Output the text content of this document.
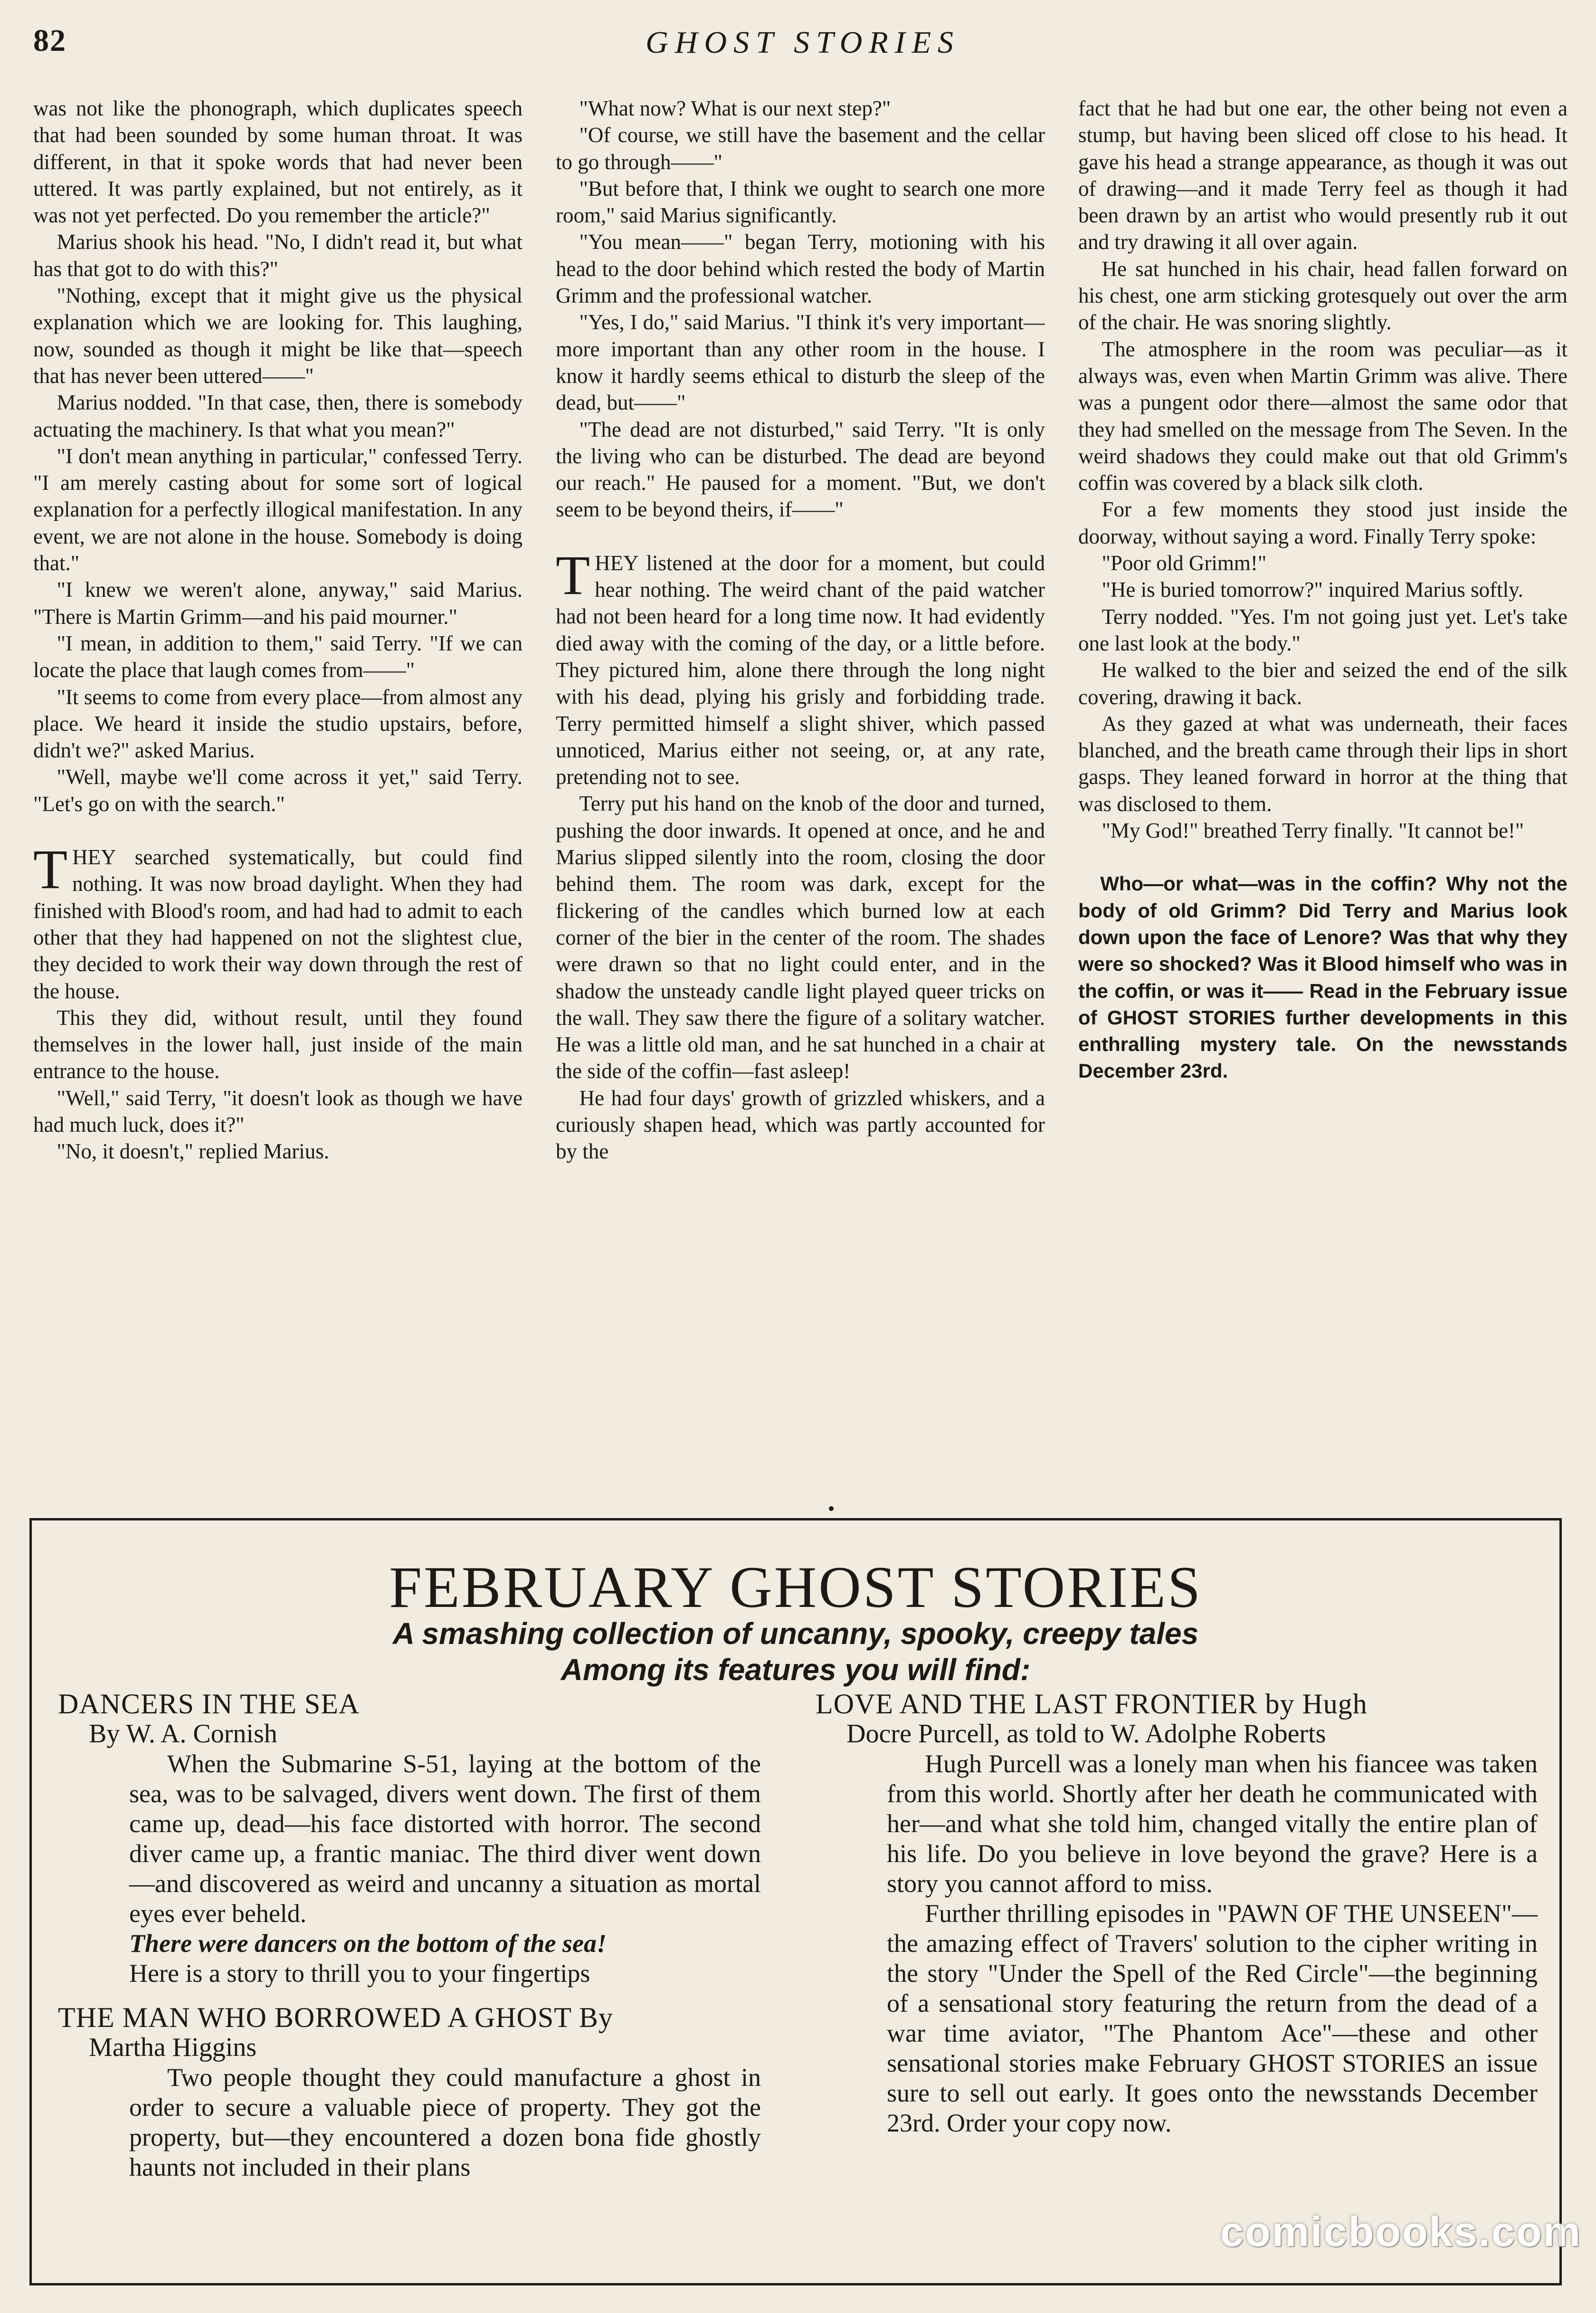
82	GHOST STORIES

was not like the phonograph, which duplicates speech that had been sounded by some human throat. It was different, in that it spoke words that had never been uttered. It was partly explained, but not entirely, as it was not yet perfected. Do you remember the article?"

Marius shook his head. "No, I didn't read it, but what has that got to do with this?"

"Nothing, except that it might give us the physical explanation which we are looking for. This laughing, now, sounded as though it might be like that—speech that has never been uttered——"

Marius nodded. "In that case, then, there is somebody actuating the machinery. Is that what you mean?"

"I don't mean anything in particular," confessed Terry. "I am merely casting about for some sort of logical explanation for a perfectly illogical manifestation. In any event, we are not alone in the house. Somebody is doing that."

"I knew we weren't alone, anyway," said Marius. "There is Martin Grimm—and his paid mourner."

"I mean, in addition to them," said Terry. "If we can locate the place that laugh comes from——"

"It seems to come from every place—from almost any place. We heard it inside the studio upstairs, before, didn't we?" asked Marius.

"Well, maybe we'll come across it yet," said Terry. "Let's go on with the search."

THEY searched systematically, but could find nothing. It was now broad daylight. When they had finished with Blood's room, and had had to admit to each other that they had happened on not the slightest clue, they decided to work their way down through the rest of the house.

This they did, without result, until they found themselves in the lower hall, just inside of the main entrance to the house.

"Well," said Terry, "it doesn't look as though we have had much luck, does it?"

"No, it doesn't," replied Marius.

"What now? What is our next step?"

"Of course, we still have the basement and the cellar to go through——"

"But before that, I think we ought to search one more room," said Marius significantly.

"You mean——" began Terry, motioning with his head to the door behind which rested the body of Martin Grimm and the professional watcher.

"Yes, I do," said Marius. "I think it's very important—more important than any other room in the house. I know it hardly seems ethical to disturb the sleep of the dead, but——"

"The dead are not disturbed," said Terry. "It is only the living who can be disturbed. The dead are beyond our reach." He paused for a moment. "But, we don't seem to be beyond theirs, if——"

THEY listened at the door for a moment, but could hear nothing. The weird chant of the paid watcher had not been heard for a long time now. It had evidently died away with the coming of the day, or a little before. They pictured him, alone there through the long night with his dead, plying his grisly and forbidding trade. Terry permitted himself a slight shiver, which passed unnoticed, Marius either not seeing, or, at any rate, pretending not to see.

Terry put his hand on the knob of the door and turned, pushing the door inwards. It opened at once, and he and Marius slipped silently into the room, closing the door behind them. The room was dark, except for the flickering of the candles which burned low at each corner of the bier in the center of the room. The shades were drawn so that no light could enter, and in the shadow the unsteady candle light played queer tricks on the wall. They saw there the figure of a solitary watcher. He was a little old man, and he sat hunched in a chair at the side of the coffin—fast asleep!

He had four days' growth of grizzled whiskers, and a curiously shapen head, which was partly accounted for by the

fact that he had but one ear, the other being not even a stump, but having been sliced off close to his head. It gave his head a strange appearance, as though it was out of drawing—and it made Terry feel as though it had been drawn by an artist who would presently rub it out and try drawing it all over again.

He sat hunched in his chair, head fallen forward on his chest, one arm sticking grotesquely out over the arm of the chair. He was snoring slightly.

The atmosphere in the room was peculiar—as it always was, even when Martin Grimm was alive. There was a pungent odor there—almost the same odor that they had smelled on the message from The Seven. In the weird shadows they could make out that old Grimm's coffin was covered by a black silk cloth.

For a few moments they stood just inside the doorway, without saying a word. Finally Terry spoke:

"Poor old Grimm!"

"He is buried tomorrow?" inquired Marius softly.

Terry nodded. "Yes. I'm not going just yet. Let's take one last look at the body."

He walked to the bier and seized the end of the silk covering, drawing it back.

As they gazed at what was underneath, their faces blanched, and the breath came through their lips in short gasps. They leaned forward in horror at the thing that was disclosed to them.

"My God!" breathed Terry finally. "It cannot be!"

Who—or what—was in the coffin? Why not the body of old Grimm? Did Terry and Marius look down upon the face of Lenore? Was that why they were so shocked? Was it Blood himself who was in the coffin, or was it—— Read in the February issue of GHOST STORIES further developments in this enthralling mystery tale. On the newsstands December 23rd.
FEBRUARY GHOST STORIES
A smashing collection of uncanny, spooky, creepy tales
Among its features you will find:
DANCERS IN THE SEA
By W. A. Cornish
When the Submarine S-51, laying at the bottom of the sea, was to be salvaged, divers went down. The first of them came up, dead—his face distorted with horror. The second diver came up, a frantic maniac. The third diver went down—and discovered as weird and uncanny a situation as mortal eyes ever beheld.
There were dancers on the bottom of the sea!
Here is a story to thrill you to your fingertips
THE MAN WHO BORROWED A GHOST By
Martha Higgins
Two people thought they could manufacture a ghost in order to secure a valuable piece of property. They got the property, but—they encountered a dozen bona fide ghostly haunts not included in their plans
LOVE AND THE LAST FRONTIER by Hugh
Docre Purcell, as told to W. Adolphe Roberts
Hugh Purcell was a lonely man when his fiancee was taken from this world. Shortly after her death he communicated with her—and what she told him, changed vitally the entire plan of his life. Do you believe in love beyond the grave? Here is a story you cannot afford to miss.
Further thrilling episodes in "PAWN OF THE UNSEEN"—the amazing effect of Travers' solution to the cipher writing in the story "Under the Spell of the Red Circle"—the beginning of a sensational story featuring the return from the dead of a war time aviator, "The Phantom Ace"—these and other sensational stories make February GHOST STORIES an issue sure to sell out early. It goes onto the newsstands December 23rd. Order your copy now.
comicbooks.com
